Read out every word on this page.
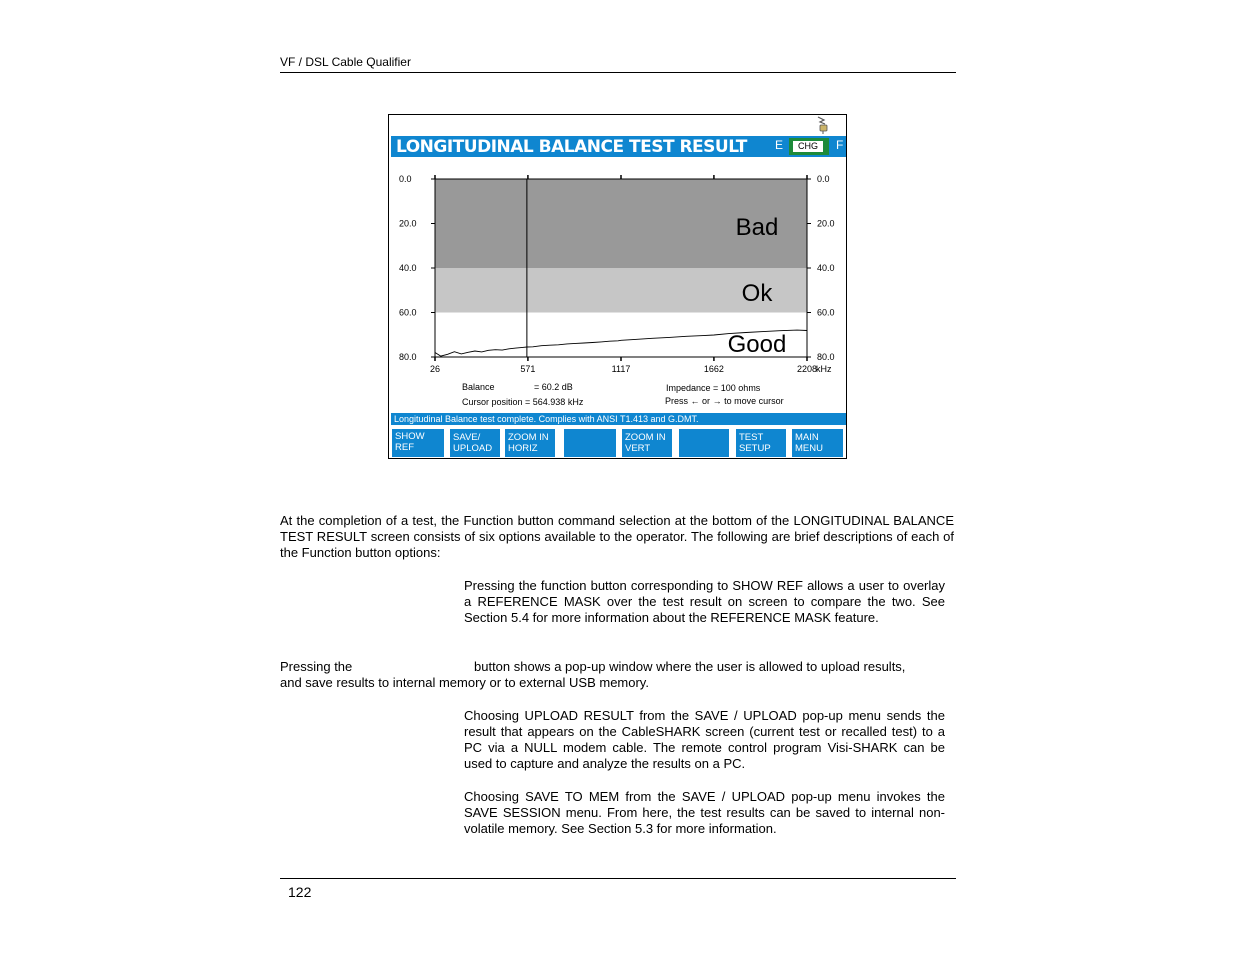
VF / DSL Cable Qualifier
LONGITUDINAL BALANCE TEST RESULT E	CHG	F
Bad
Ok
Good
26	571	1117	1662	2208
kHz
0.0	0.0
20.0	20.0
40.0	40.0
60.0	60.0
80.0	80.0
Balance	= 60.2 dB
Cursor position = 564.938 kHz
Impedance = 100 ohms
Press ← or → to move cursor
Longitudinal Balance test complete. Complies with ANSI T1.413 and G.DMT.
SHOW
REF
SAVE/
UPLOAD
ZOOM IN
HORIZ
ZOOM IN
VERT
TEST
SETUP
MAIN
MENU
At the completion of a test, the Function button command selection at the bottom of the LONGITUDINAL BALANCE TEST RESULT screen consists of six options available to the operator. The following are brief descriptions of each of the Function button options:
Pressing the function button corresponding to SHOW REF allows a user to overlay a REFERENCE MASK over the test result on screen to compare the two. See Section 5.4 for more information about the REFERENCE MASK feature.
Pressing the	button shows a pop-up window where the user is allowed to upload results,
and save results to internal memory or to external USB memory.
Choosing UPLOAD RESULT from the SAVE / UPLOAD pop-up menu sends the result that appears on the CableSHARK screen (current test or recalled test) to a PC via a NULL modem cable. The remote control program Visi-SHARK can be used to capture and analyze the results on a PC.
Choosing SAVE TO MEM from the SAVE / UPLOAD pop-up menu invokes the SAVE SESSION menu. From here, the test results can be saved to internal non-volatile memory. See Section 5.3 for more information.
122
